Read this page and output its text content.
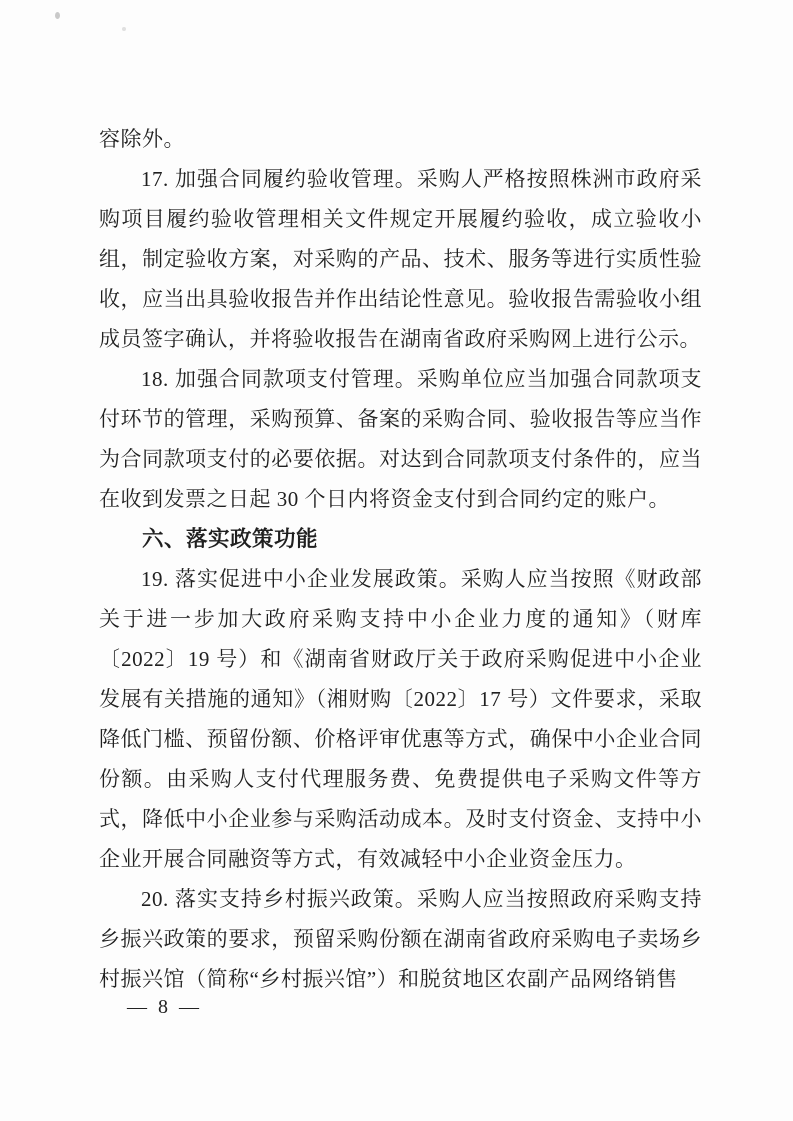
容除外。

17. 加强合同履约验收管理。采购人严格按照株洲市政府采购项目履约验收管理相关文件规定开展履约验收，成立验收小组，制定验收方案，对采购的产品、技术、服务等进行实质性验收，应当出具验收报告并作出结论性意见。验收报告需验收小组成员签字确认，并将验收报告在湖南省政府采购网上进行公示。

18. 加强合同款项支付管理。采购单位应当加强合同款项支付环节的管理，采购预算、备案的采购合同、验收报告等应当作为合同款项支付的必要依据。对达到合同款项支付条件的，应当在收到发票之日起 30 个日内将资金支付到合同约定的账户。

六、落实政策功能

19. 落实促进中小企业发展政策。采购人应当按照《财政部关于进一步加大政府采购支持中小企业力度的通知》（财库〔2022〕19 号）和《湖南省财政厅关于政府采购促进中小企业发展有关措施的通知》（湘财购〔2022〕17 号）文件要求，采取降低门槛、预留份额、价格评审优惠等方式，确保中小企业合同份额。由采购人支付代理服务费、免费提供电子采购文件等方式，降低中小企业参与采购活动成本。及时支付资金、支持中小企业开展合同融资等方式，有效减轻中小企业资金压力。

20. 落实支持乡村振兴政策。采购人应当按照政府采购支持乡振兴政策的要求，预留采购份额在湖南省政府采购电子卖场乡村振兴馆（简称“乡村振兴馆”）和脱贫地区农副产品网络销售

— 8 —
